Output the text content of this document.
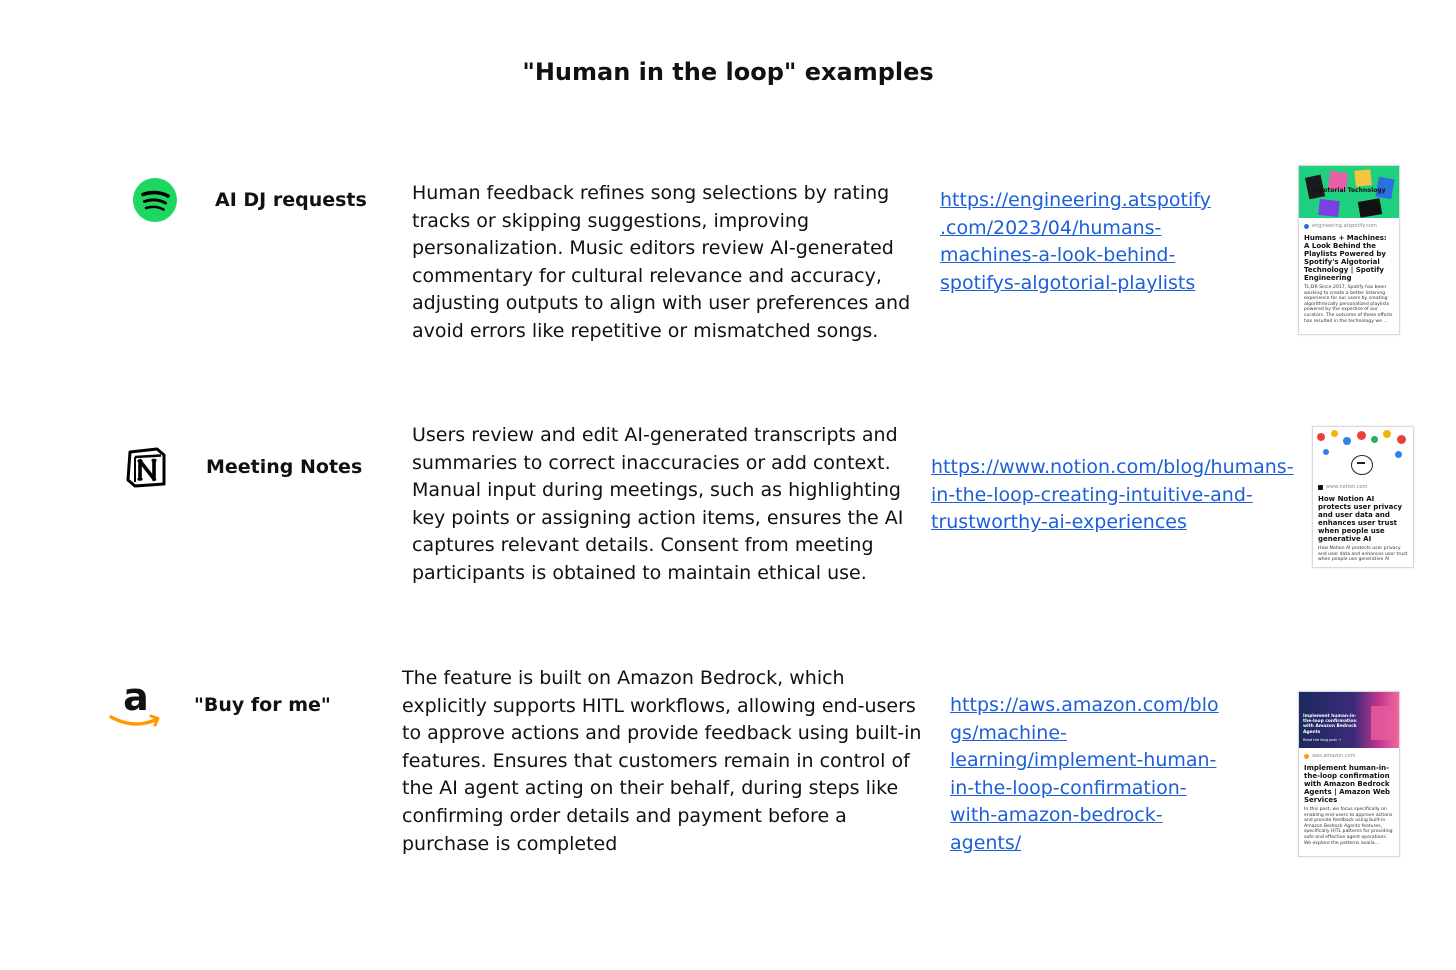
"Human in the loop" examples
AI DJ requests Human feedback refines song selections by rating
tracks or skipping suggestions, improving
personalization. Music editors review AI-generated
commentary for cultural relevance and accuracy,
adjusting outputs to align with user preferences and
avoid errors like repetitive or mismatched songs.
https://engineering.atspotify
.com/2023/04/humans-
machines-a-look-behind-
spotifys-algotorial-playlists
Algotorial Technology
engineering.atspotify.com
Humans + Machines: A Look Behind the Playlists Powered by Spotify's Algotorial Technology | Spotify Engineering
TL;DR Since 2017, Spotify has been working to create a better listening experience for our users by creating algorithmically personalized playlists powered by the expertise of our curators. The outcome of these efforts has resulted in the technology we ...
Meeting Notes
Users review and edit AI-generated transcripts and
summaries to correct inaccuracies or add context.
Manual input during meetings, such as highlighting
key points or assigning action items, ensures the AI
captures relevant details. Consent from meeting
participants is obtained to maintain ethical use.
https://www.notion.com/blog/humans-
in-the-loop-creating-intuitive-and-
trustworthy-ai-experiences
www.notion.com
How Notion AI protects user privacy and user data and enhances user trust when people use generative AI
How Notion AI protects user privacy and user data and enhances user trust when people use generative AI
a "Buy for me"
The feature is built on Amazon Bedrock, which
explicitly supports HITL workflows, allowing end-users
to approve actions and provide feedback using built-in
features. Ensures that customers remain in control of
the AI agent acting on their behalf, during steps like
confirming order details and payment before a
purchase is completed
https://aws.amazon.com/blo
gs/machine-
learning/implement-human-
in-the-loop-confirmation-
with-amazon-bedrock-
agents/
Implement human-in-the-loop confirmation with Amazon Bedrock Agents
Read the blog post →
aws.amazon.com
Implement human-in-the-loop confirmation with Amazon Bedrock Agents | Amazon Web Services
In this post, we focus specifically on enabling end-users to approve actions and provide feedback using built-in Amazon Bedrock Agents features, specifically HITL patterns for providing safe and effective agent operations. We explore the patterns availa...
